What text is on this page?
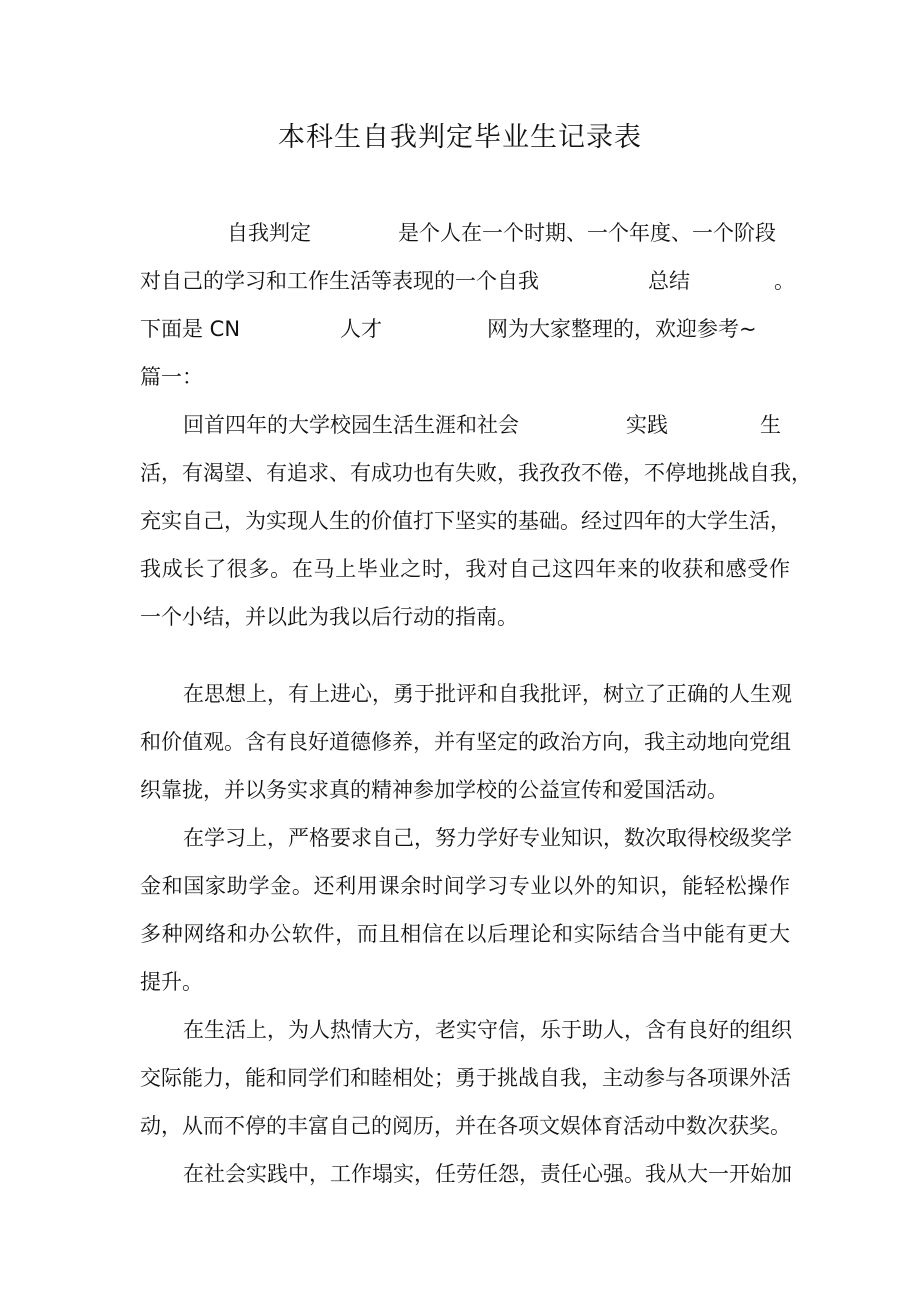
本科生自我判定毕业生记录表
自我判定	是个人在一个时期、一个年度、一个阶段
对自己的学习和工作生活等表现的一个自我	总结	。
下面是 CN	人才	网为大家整理的，欢迎参考~
篇一：
回首四年的大学校园生活生涯和社会	实践	生
活，有渴望、有追求、有成功也有失败，我孜孜不倦，不停地挑战自我，
充实自己，为实现人生的价值打下坚实的基础。经过四年的大学生活，
我成长了很多。在马上毕业之时，我对自己这四年来的收获和感受作
一个小结，并以此为我以后行动的指南。
在思想上，有上进心，勇于批评和自我批评，树立了正确的人生观
和价值观。含有良好道德修养，并有坚定的政治方向，我主动地向党组
织靠拢，并以务实求真的精神参加学校的公益宣传和爱国活动。
在学习上，严格要求自己，努力学好专业知识，数次取得校级奖学
金和国家助学金。还利用课余时间学习专业以外的知识，能轻松操作
多种网络和办公软件，而且相信在以后理论和实际结合当中能有更大
提升。
在生活上，为人热情大方，老实守信，乐于助人，含有良好的组织
交际能力，能和同学们和睦相处；勇于挑战自我，主动参与各项课外活
动，从而不停的丰富自己的阅历，并在各项文娱体育活动中数次获奖。
在社会实践中，工作塌实，任劳任怨，责任心强。我从大一开始加
